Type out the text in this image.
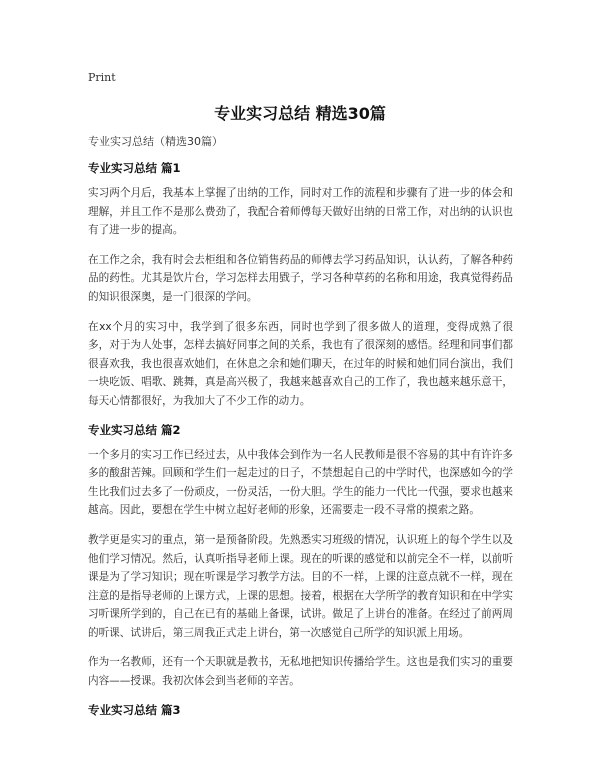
Print
专业实习总结 精选30篇
专业实习总结（精选30篇）
专业实习总结 篇1

实习两个月后，我基本上掌握了出纳的工作，同时对工作的流程和步骤有了进一步的体会和理解，并且工作不是那么费劲了，我配合着师傅每天做好出纳的日常工作，对出纳的认识也有了进一步的提高。

在工作之余，我有时会去柜组和各位销售药品的师傅去学习药品知识，认认药，了解各种药品的药性。尤其是饮片台，学习怎样去用戥子，学习各种草药的名称和用途，我真觉得药品的知识很深奥，是一门很深的学问。

在xx个月的实习中，我学到了很多东西，同时也学到了很多做人的道理，变得成熟了很多，对于为人处事，怎样去搞好同事之间的关系，我也有了很深刻的感悟。经理和同事们都很喜欢我，我也很喜欢她们，在休息之余和她们聊天，在过年的时候和她们同台演出，我们一块吃饭、唱歌、跳舞，真是高兴极了，我越来越喜欢自己的工作了，我也越来越乐意干，每天心情都很好，为我加大了不少工作的动力。

专业实习总结 篇2

一个多月的实习工作已经过去，从中我体会到作为一名人民教师是很不容易的其中有许许多多的酸甜苦辣。回顾和学生们一起走过的日子，不禁想起自己的中学时代，也深感如今的学生比我们过去多了一份顽皮，一份灵活，一份大胆。学生的能力一代比一代强，要求也越来越高。因此，要想在学生中树立起好老师的形象，还需要走一段不寻常的摸索之路。

教学更是实习的重点，第一是预备阶段。先熟悉实习班级的情况，认识班上的每个学生以及他们学习情况。然后，认真听指导老师上课。现在的听课的感觉和以前完全不一样，以前听课是为了学习知识；现在听课是学习教学方法。目的不一样，上课的注意点就不一样，现在注意的是指导老师的上课方式，上课的思想。接着，根据在大学所学的教育知识和在中学实习听课所学到的，自己在已有的基础上备课，试讲。做足了上讲台的准备。在经过了前两周的听课、试讲后，第三周我正式走上讲台，第一次感觉自己所学的知识派上用场。

作为一名教师，还有一个天职就是教书，无私地把知识传播给学生。这也是我们实习的重要内容——授课。我初次体会到当老师的辛苦。

专业实习总结 篇3
